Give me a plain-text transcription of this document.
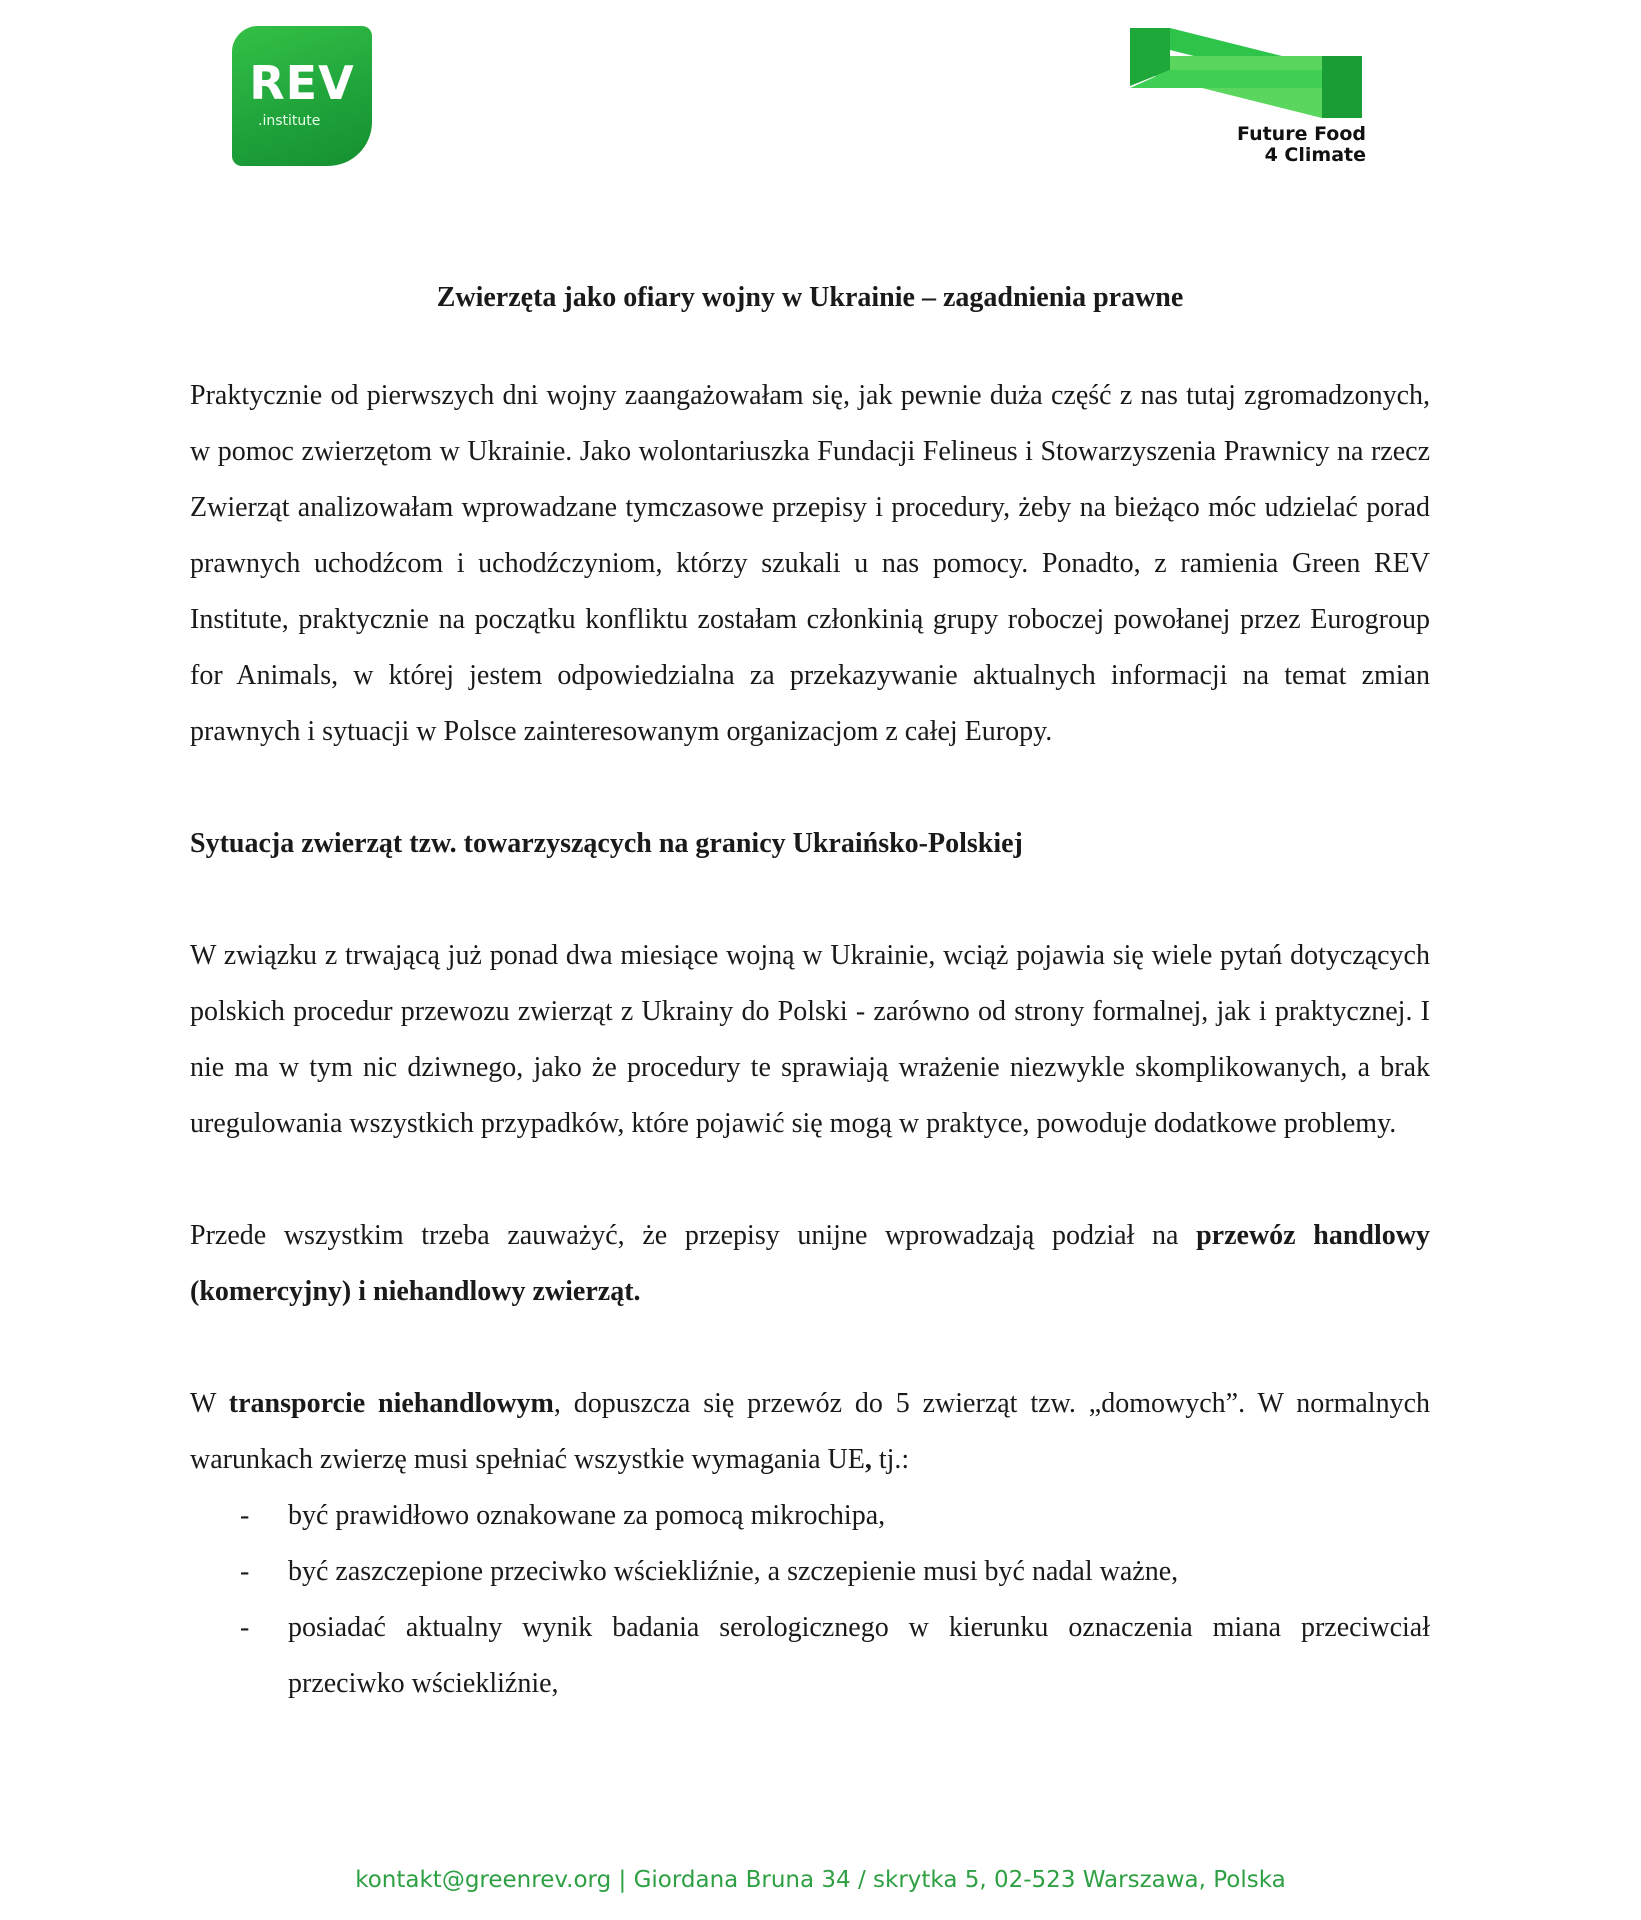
REV
.institute
Future Food
4 Climate
Zwierzęta jako ofiary wojny w Ukrainie – zagadnienia prawne

Praktycznie od pierwszych dni wojny zaangażowałam się, jak pewnie duża część z nas tutaj zgromadzonych, w pomoc zwierzętom w Ukrainie. Jako wolontariuszka Fundacji Felineus i Stowarzyszenia Prawnicy na rzecz Zwierząt analizowałam wprowadzane tymczasowe przepisy i procedury, żeby na bieżąco móc udzielać porad prawnych uchodźcom i uchodźczyniom, którzy szukali u nas pomocy. Ponadto, z ramienia Green REV Institute, praktycznie na początku konfliktu zostałam członkinią grupy roboczej powołanej przez Eurogroup for Animals, w której jestem odpowiedzialna za przekazywanie aktualnych informacji na temat zmian prawnych i sytuacji w Polsce zainteresowanym organizacjom z całej Europy.

Sytuacja zwierząt tzw. towarzyszących na granicy Ukraińsko-Polskiej

W związku z trwającą już ponad dwa miesiące wojną w Ukrainie, wciąż pojawia się wiele pytań dotyczących polskich procedur przewozu zwierząt z Ukrainy do Polski - zarówno od strony formalnej, jak i praktycznej. I nie ma w tym nic dziwnego, jako że procedury te sprawiają wrażenie niezwykle skomplikowanych, a brak uregulowania wszystkich przypadków, które pojawić się mogą w praktyce, powoduje dodatkowe problemy.

Przede wszystkim trzeba zauważyć, że przepisy unijne wprowadzają podział na przewóz handlowy (komercyjny) i niehandlowy zwierząt.

W transporcie niehandlowym, dopuszcza się przewóz do 5 zwierząt tzw. „domowych”. W normalnych warunkach zwierzę musi spełniać wszystkie wymagania UE, tj.:

- być prawidłowo oznakowane za pomocą mikrochipa,
- być zaszczepione przeciwko wściekliźnie, a szczepienie musi być nadal ważne,
- posiadać aktualny wynik badania serologicznego w kierunku oznaczenia miana przeciwciał przeciwko wściekliźnie,
kontakt@greenrev.org | Giordana Bruna 34 / skrytka 5, 02-523 Warszawa, Polska
